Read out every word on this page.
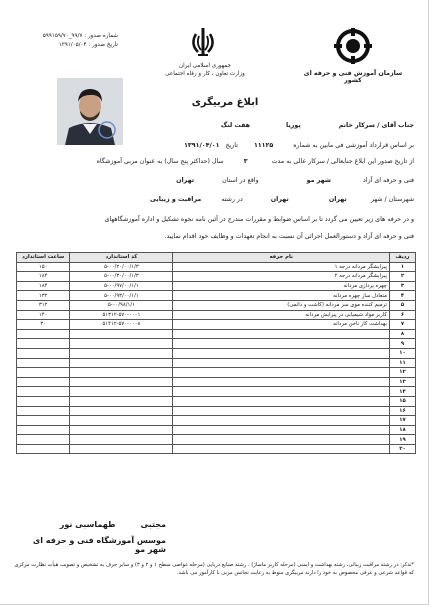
سازمان آموزش فنی و حرفه ای کشور
جمهوری اسلامی ایران
وزارت تعاون ، کار و رفاه اجتماعی
شماره صدور : ۹۹/۷_۵۹۹۱۵۹/۷۰
تاریخ صدور : ۱۳۹۱/۰۵/۰۴
ابلاغ مربیگری
جناب آقای / سرکار خانم                   پوریا                  هفت لنگ
بر اساس قرارداد آموزشی فی مابین به شماره          ۱۱۱۲۵        تاریخ   ۱۳۹۱/۰۴/۰۱
از تاریخ صدور این ابلاغ جنابعالی / سرکار عالی به مدت            ۳          سال (حداکثر پنج سال) به عنوان مربی آموزشگاه
فنی و حرفه ای آزاد                شهر مو                        واقع در استان              تهران
شهرستان / شهر            تهران                    تهران              در رشته          مراقبت و زیبایی
و در حرفه های زیر تعیین می گردد تا بر اساس ضوابط و مقررات مندرج در آئین نامه نحوه تشکیل و اداره آموزشگاههای
فنی و حرفه ای آزاد و دستورالعمل اجرائی آن نسبت به انجام تعهدات و وظایف خود اقدام نمایید.
ردیف	نام حرفه	کد استاندارد	ساعت استاندارد
۱	پیرایشگر مردانه درجه ۱	۵-۰۰/۲۰/۰۰/۱/۳	۱۵۰
۲	پیرایشگر مردانه درجه ۲	۵-۰۰/۳۰/۰۰/۱/۳	۱۸۴
۳	چهره پردازی مردانه	۵-۰۰/۹۷/۰۰/۱/۱	۱۸۴
۴	متعادل ساز چهره مردانه	۵-۰۰/۹۳/۰۰/۱/۱	۱۳۲
۵	ترمیم کننده موی سر مردانه (کاشت و دائمی)	۵-۰۰/۹۸/۱/۱	۳۱۲
۶	کاربر مواد شیمیایی در پیرایش مردانه	۵۱۳۱۲-۵۷۰-۰۰۰۱	۱۴۰
۷	بهداشت کار ناخن مردانه	۵۱۴۱۲-۵۷۰-۰۰۰۸	۳۰
۸			
۹			
۱۰			
۱۱			
۱۲			
۱۳			
۱۴			
۱۵			
۱۶			
۱۷			
۱۸			
۱۹			
۲۰			
مجتبی         طهماسبی نور
موسس آموزشگاه فنی و حرفه ای شهر مو
*تذکر: در رشته مراقبت زیبائی، رشته بهداشت و ایمنی (مرحله کاربر ماساژ) ، رشته صنایع دریایی (مرحله غواصی سطح ۱ و ۲ و ۳) و سایر حرف به تشخیص و تصویب هیأت نظارت مرکزی که قواعد شرعی و عرفی مخصوص به خود را دارند مربیگری منوط به رعایت تجانس مربی با کارآموز می باشد.
